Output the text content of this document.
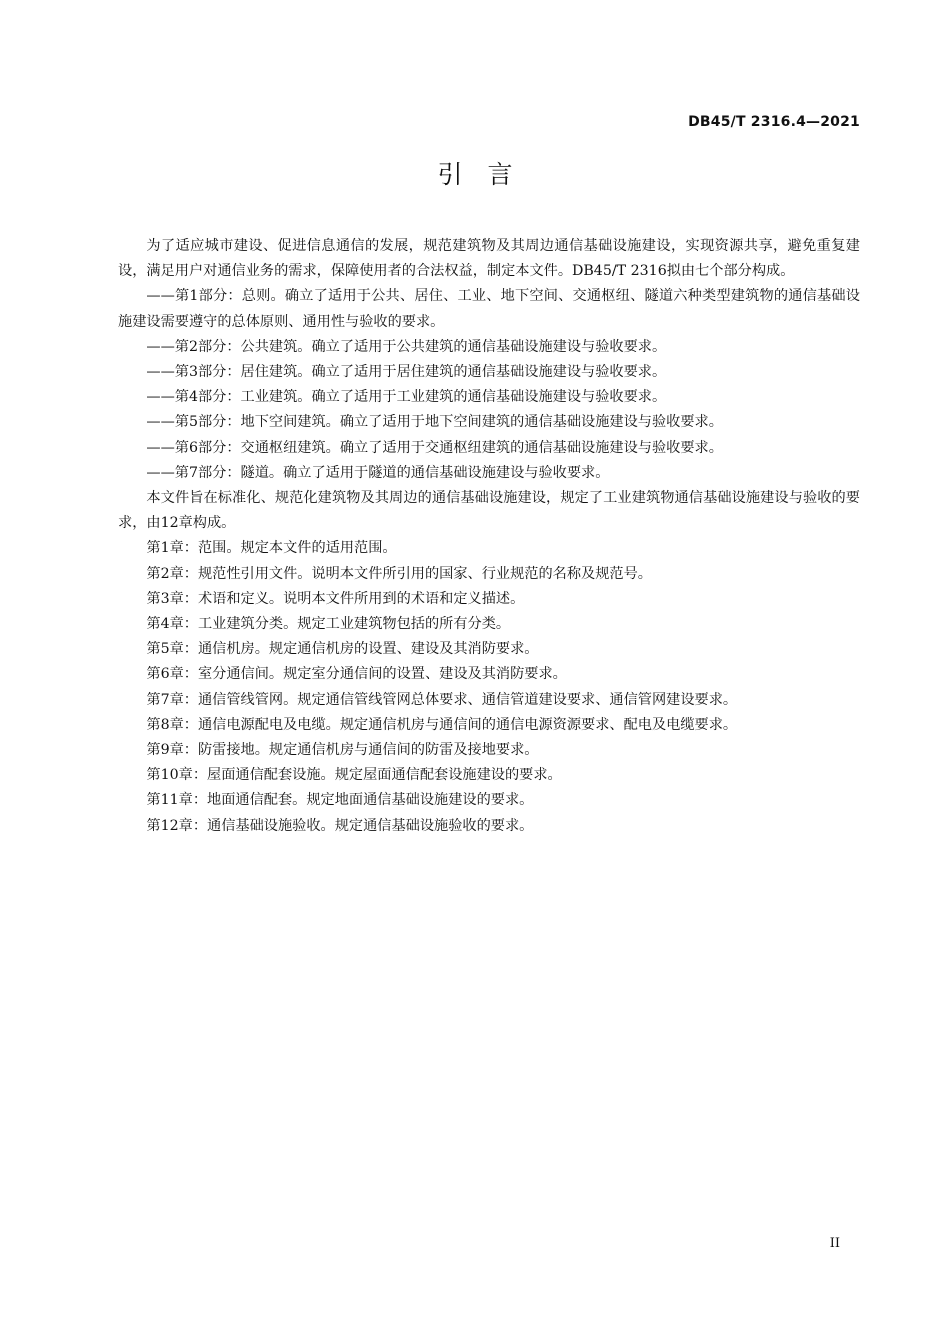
DB45/T 2316.4—2021
引　言

为了适应城市建设、促进信息通信的发展，规范建筑物及其周边通信基础设施建设，实现资源共享，避免重复建设，满足用户对通信业务的需求，保障使用者的合法权益，制定本文件。DB45/T 2316拟由七个部分构成。

——第1部分：总则。确立了适用于公共、居住、工业、地下空间、交通枢纽、隧道六种类型建筑物的通信基础设施建设需要遵守的总体原则、通用性与验收的要求。

——第2部分：公共建筑。确立了适用于公共建筑的通信基础设施建设与验收要求。

——第3部分：居住建筑。确立了适用于居住建筑的通信基础设施建设与验收要求。

——第4部分：工业建筑。确立了适用于工业建筑的通信基础设施建设与验收要求。

——第5部分：地下空间建筑。确立了适用于地下空间建筑的通信基础设施建设与验收要求。

——第6部分：交通枢纽建筑。确立了适用于交通枢纽建筑的通信基础设施建设与验收要求。

——第7部分：隧道。确立了适用于隧道的通信基础设施建设与验收要求。

本文件旨在标准化、规范化建筑物及其周边的通信基础设施建设，规定了工业建筑物通信基础设施建设与验收的要求，由12章构成。

第1章：范围。规定本文件的适用范围。

第2章：规范性引用文件。说明本文件所引用的国家、行业规范的名称及规范号。

第3章：术语和定义。说明本文件所用到的术语和定义描述。

第4章：工业建筑分类。规定工业建筑物包括的所有分类。

第5章：通信机房。规定通信机房的设置、建设及其消防要求。

第6章：室分通信间。规定室分通信间的设置、建设及其消防要求。

第7章：通信管线管网。规定通信管线管网总体要求、通信管道建设要求、通信管网建设要求。

第8章：通信电源配电及电缆。规定通信机房与通信间的通信电源资源要求、配电及电缆要求。

第9章：防雷接地。规定通信机房与通信间的防雷及接地要求。

第10章：屋面通信配套设施。规定屋面通信配套设施建设的要求。

第11章：地面通信配套。规定地面通信基础设施建设的要求。

第12章：通信基础设施验收。规定通信基础设施验收的要求。

II
